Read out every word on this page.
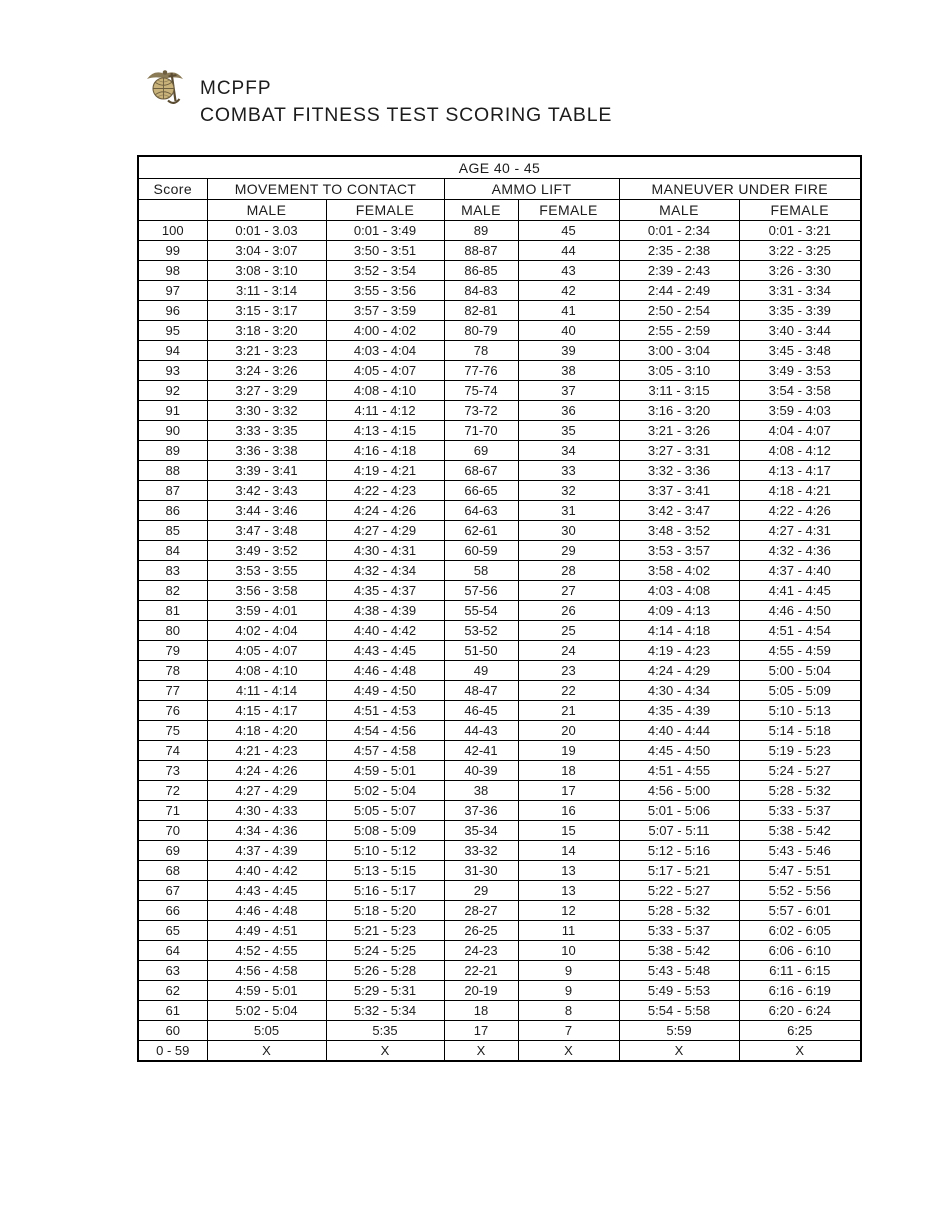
MCPFP
COMBAT FITNESS TEST SCORING TABLE
AGE 40 - 45						
Score	MOVEMENT TO CONTACT		AMMO LIFT		MANEUVER UNDER FIRE	
	MALE	FEMALE	MALE	FEMALE	MALE	FEMALE
100	0:01 - 3.03	0:01 - 3:49	89	45	0:01 - 2:34	0:01 - 3:21
99	3:04 - 3:07	3:50 - 3:51	88-87	44	2:35 - 2:38	3:22 - 3:25
98	3:08 - 3:10	3:52 - 3:54	86-85	43	2:39 - 2:43	3:26 - 3:30
97	3:11 - 3:14	3:55 - 3:56	84-83	42	2:44 - 2:49	3:31 - 3:34
96	3:15 - 3:17	3:57 - 3:59	82-81	41	2:50 - 2:54	3:35 - 3:39
95	3:18 - 3:20	4:00 - 4:02	80-79	40	2:55 - 2:59	3:40 - 3:44
94	3:21 - 3:23	4:03 - 4:04	78	39	3:00 - 3:04	3:45 - 3:48
93	3:24 - 3:26	4:05 - 4:07	77-76	38	3:05 - 3:10	3:49 - 3:53
92	3:27 - 3:29	4:08 - 4:10	75-74	37	3:11 - 3:15	3:54 - 3:58
91	3:30 - 3:32	4:11 - 4:12	73-72	36	3:16 - 3:20	3:59 - 4:03
90	3:33 - 3:35	4:13 - 4:15	71-70	35	3:21 - 3:26	4:04 - 4:07
89	3:36 - 3:38	4:16 - 4:18	69	34	3:27 - 3:31	4:08 - 4:12
88	3:39 - 3:41	4:19 - 4:21	68-67	33	3:32 - 3:36	4:13 - 4:17
87	3:42 - 3:43	4:22 - 4:23	66-65	32	3:37 - 3:41	4:18 - 4:21
86	3:44 - 3:46	4:24 - 4:26	64-63	31	3:42 - 3:47	4:22 - 4:26
85	3:47 - 3:48	4:27 - 4:29	62-61	30	3:48 - 3:52	4:27 - 4:31
84	3:49 - 3:52	4:30 - 4:31	60-59	29	3:53 - 3:57	4:32 - 4:36
83	3:53 - 3:55	4:32 - 4:34	58	28	3:58 - 4:02	4:37 - 4:40
82	3:56 - 3:58	4:35 - 4:37	57-56	27	4:03 - 4:08	4:41 - 4:45
81	3:59 - 4:01	4:38 - 4:39	55-54	26	4:09 - 4:13	4:46 - 4:50
80	4:02 - 4:04	4:40 - 4:42	53-52	25	4:14 - 4:18	4:51 - 4:54
79	4:05 - 4:07	4:43 - 4:45	51-50	24	4:19 - 4:23	4:55 - 4:59
78	4:08 - 4:10	4:46 - 4:48	49	23	4:24 - 4:29	5:00 - 5:04
77	4:11 - 4:14	4:49 - 4:50	48-47	22	4:30 - 4:34	5:05 - 5:09
76	4:15 - 4:17	4:51 - 4:53	46-45	21	4:35 - 4:39	5:10 - 5:13
75	4:18 - 4:20	4:54 - 4:56	44-43	20	4:40 - 4:44	5:14 - 5:18
74	4:21 - 4:23	4:57 - 4:58	42-41	19	4:45 - 4:50	5:19 - 5:23
73	4:24 - 4:26	4:59 - 5:01	40-39	18	4:51 - 4:55	5:24 - 5:27
72	4:27 - 4:29	5:02 - 5:04	38	17	4:56 - 5:00	5:28 - 5:32
71	4:30 - 4:33	5:05 - 5:07	37-36	16	5:01 - 5:06	5:33 - 5:37
70	4:34 - 4:36	5:08 - 5:09	35-34	15	5:07 - 5:11	5:38 - 5:42
69	4:37 - 4:39	5:10 - 5:12	33-32	14	5:12 - 5:16	5:43 - 5:46
68	4:40 - 4:42	5:13 - 5:15	31-30	13	5:17 - 5:21	5:47 - 5:51
67	4:43 - 4:45	5:16 - 5:17	29	13	5:22 - 5:27	5:52 - 5:56
66	4:46 - 4:48	5:18 - 5:20	28-27	12	5:28 - 5:32	5:57 - 6:01
65	4:49 - 4:51	5:21 - 5:23	26-25	11	5:33 - 5:37	6:02 - 6:05
64	4:52 - 4:55	5:24 - 5:25	24-23	10	5:38 - 5:42	6:06 - 6:10
63	4:56 - 4:58	5:26 - 5:28	22-21	9	5:43 - 5:48	6:11 - 6:15
62	4:59 - 5:01	5:29 - 5:31	20-19	9	5:49 - 5:53	6:16 - 6:19
61	5:02 - 5:04	5:32 - 5:34	18	8	5:54 - 5:58	6:20 - 6:24
60	5:05	5:35	17	7	5:59	6:25
0 - 59	X	X	X	X	X	X
